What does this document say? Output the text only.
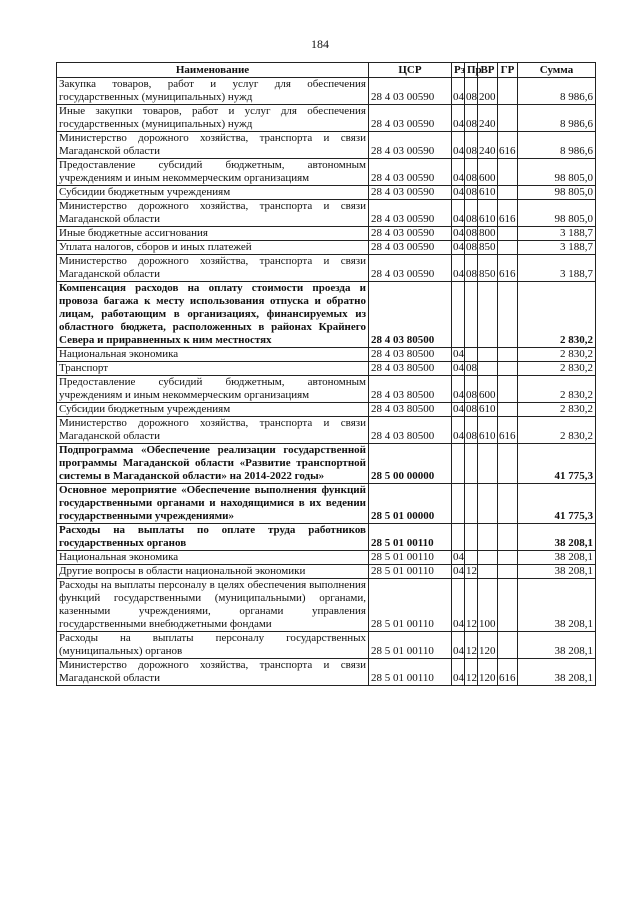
184
Наименование	ЦСР	Рз	Пр	ВР	ГР	Сумма
Закупка товаров, работ и услуг для обеспечения государственных (муниципальных) нужд	28 4 03 00590	04	08	200		8 986,6
Иные закупки товаров, работ и услуг для обеспечения государственных (муниципальных) нужд	28 4 03 00590	04	08	240		8 986,6
Министерство дорожного хозяйства, транспорта и связи Магаданской области	28 4 03 00590	04	08	240	616	8 986,6
Предоставление субсидий бюджетным, автономным учреждениям и иным некоммерческим организациям	28 4 03 00590	04	08	600		98 805,0
Субсидии бюджетным учреждениям	28 4 03 00590	04	08	610		98 805,0
Министерство дорожного хозяйства, транспорта и связи Магаданской области	28 4 03 00590	04	08	610	616	98 805,0
Иные бюджетные ассигнования	28 4 03 00590	04	08	800		3 188,7
Уплата налогов, сборов и иных платежей	28 4 03 00590	04	08	850		3 188,7
Министерство дорожного хозяйства, транспорта и связи Магаданской области	28 4 03 00590	04	08	850	616	3 188,7
Компенсация расходов на оплату стоимости проезда и провоза багажа к месту использования отпуска и обратно лицам, работающим в организациях, финансируемых из областного бюджета, расположенных в районах Крайнего Севера и приравненных к ним местностях	28 4 03 80500					2 830,2
Национальная экономика	28 4 03 80500	04				2 830,2
Транспорт	28 4 03 80500	04	08			2 830,2
Предоставление субсидий бюджетным, автономным учреждениям и иным некоммерческим организациям	28 4 03 80500	04	08	600		2 830,2
Субсидии бюджетным учреждениям	28 4 03 80500	04	08	610		2 830,2
Министерство дорожного хозяйства, транспорта и связи Магаданской области	28 4 03 80500	04	08	610	616	2 830,2
Подпрограмма «Обеспечение реализации государственной программы Магаданской области «Развитие транспортной системы в Магаданской области» на 2014-2022 годы»	28 5 00 00000					41 775,3
Основное мероприятие «Обеспечение выполнения функций государственными органами и находящимися в их ведении государственными учреждениями»	28 5 01 00000					41 775,3
Расходы на выплаты по оплате труда работников государственных органов	28 5 01 00110					38 208,1
Национальная экономика	28 5 01 00110	04				38 208,1
Другие вопросы в области национальной экономики	28 5 01 00110	04	12			38 208,1
Расходы на выплаты персоналу в целях обеспечения выполнения функций государственными (муниципальными) органами, казенными учреждениями, органами управления государственными внебюджетными фондами	28 5 01 00110	04	12	100		38 208,1
Расходы на выплаты персоналу государственных (муниципальных) органов	28 5 01 00110	04	12	120		38 208,1
Министерство дорожного хозяйства, транспорта и связи Магаданской области	28 5 01 00110	04	12	120	616	38 208,1
